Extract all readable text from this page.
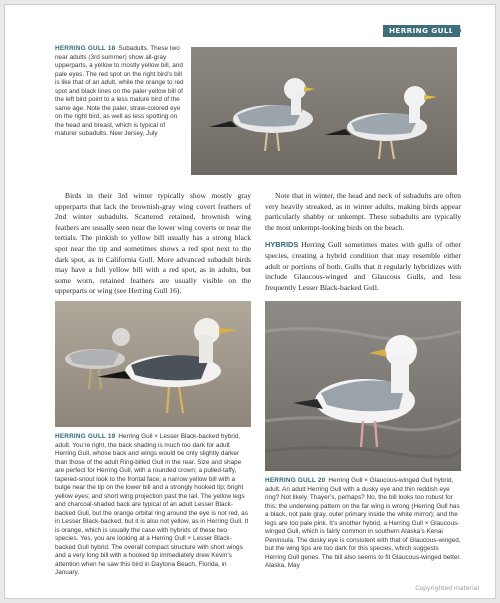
HERRING GULL
95
HERRING GULL 18 Subadults. These two near adults (3rd summer) show all-gray upperparts, a yellow to mostly yellow bill, and pale eyes. The red spot on the right bird’s bill is like that of an adult, while the orange to red spot and black lines on the paler yellow bill of the left bird point to a less mature bird of the same age. Note the paler, straw-colored eye on the right bird, as well as less spotting on the head and breast, which is typical of maturer subadults. New Jersey, July
Birds in their 3rd winter typically show mostly gray upperparts that lack the brownish-gray wing covert feathers of 2nd winter subadults. Scattered retained, brownish wing feathers are usually seen near the lower wing coverts or near the tertials. The pinkish to yellow bill usually has a strong black spot near the tip and sometimes shows a red spot next to the dark spot, as in California Gull. More advanced subadult birds may have a full yellow bill with a red spot, as in adults, but some worn, retained feathers are usually visible on the upperparts or wing (see Herring Gull 16).

Note that in winter, the head and neck of subadults are often very heavily streaked, as in winter adults, making birds appear particularly shabby or unkempt. These subadults are typically the most unkempt-looking birds on the beach.

HYBRIDS Herring Gull sometimes mates with gulls of other species, creating a hybrid condition that may resemble either adult or portions of both. Gulls that it regularly hybridizes with include Glaucous-winged and Glaucous Gulls, and less frequently Lesser Black-backed Gull.

HERRING GULL 19 Herring Gull × Lesser Black-backed hybrid, adult. You’re right, the back shading is much too dark for adult Herring Gull, whose back and wings would be only slightly darker than those of the adult Ring-billed Gull in the rear. Size and shape are perfect for Herring Gull, with a rounded crown; a pulled-taffy, tapered-snout look to the frontal face; a narrow yellow bill with a bulge near the tip on the lower bill and a strongly hooked tip; bright yellow eyes; and short wing projection past the tail. The yellow legs and charcoal-shaded back are typical of an adult Lesser Black-backed Gull, but the orange orbital ring around the eye is not red, as in Lesser Black-backed, but it is also not yellow, as in Herring Gull. It is orange, which is usually the case with hybrids of these two species. Yes, you are looking at a Herring Gull × Lesser Black-backed Gull hybrid. The overall compact structure with short wings and a very long bill with a hooked tip immediately drew Kevin’s attention when he saw this bird in Daytona Beach, Florida, in January.
HERRING GULL 20 Herring Gull × Glaucous-winged Gull hybrid, adult. An adult Herring Gull with a dusky eye and thin reddish eye ring? Not likely. Thayer’s, perhaps? No, the bill looks too robust for this; the underwing pattern on the far wing is wrong (Herring Gull has a black, not pale gray, outer primary inside the white mirror); and the legs are too pale pink. It’s another hybrid, a Herring Gull × Glaucous-winged Gull, which is fairly common in southern Alaska’s Kenai Peninsula. The dusky eye is consistent with that of Glaucous-winged, but the wing tips are too dark for this species, which suggests Herring Gull genes. The bill also seems to fit Glaucous-winged better. Alaska, May
Copyrighted material
